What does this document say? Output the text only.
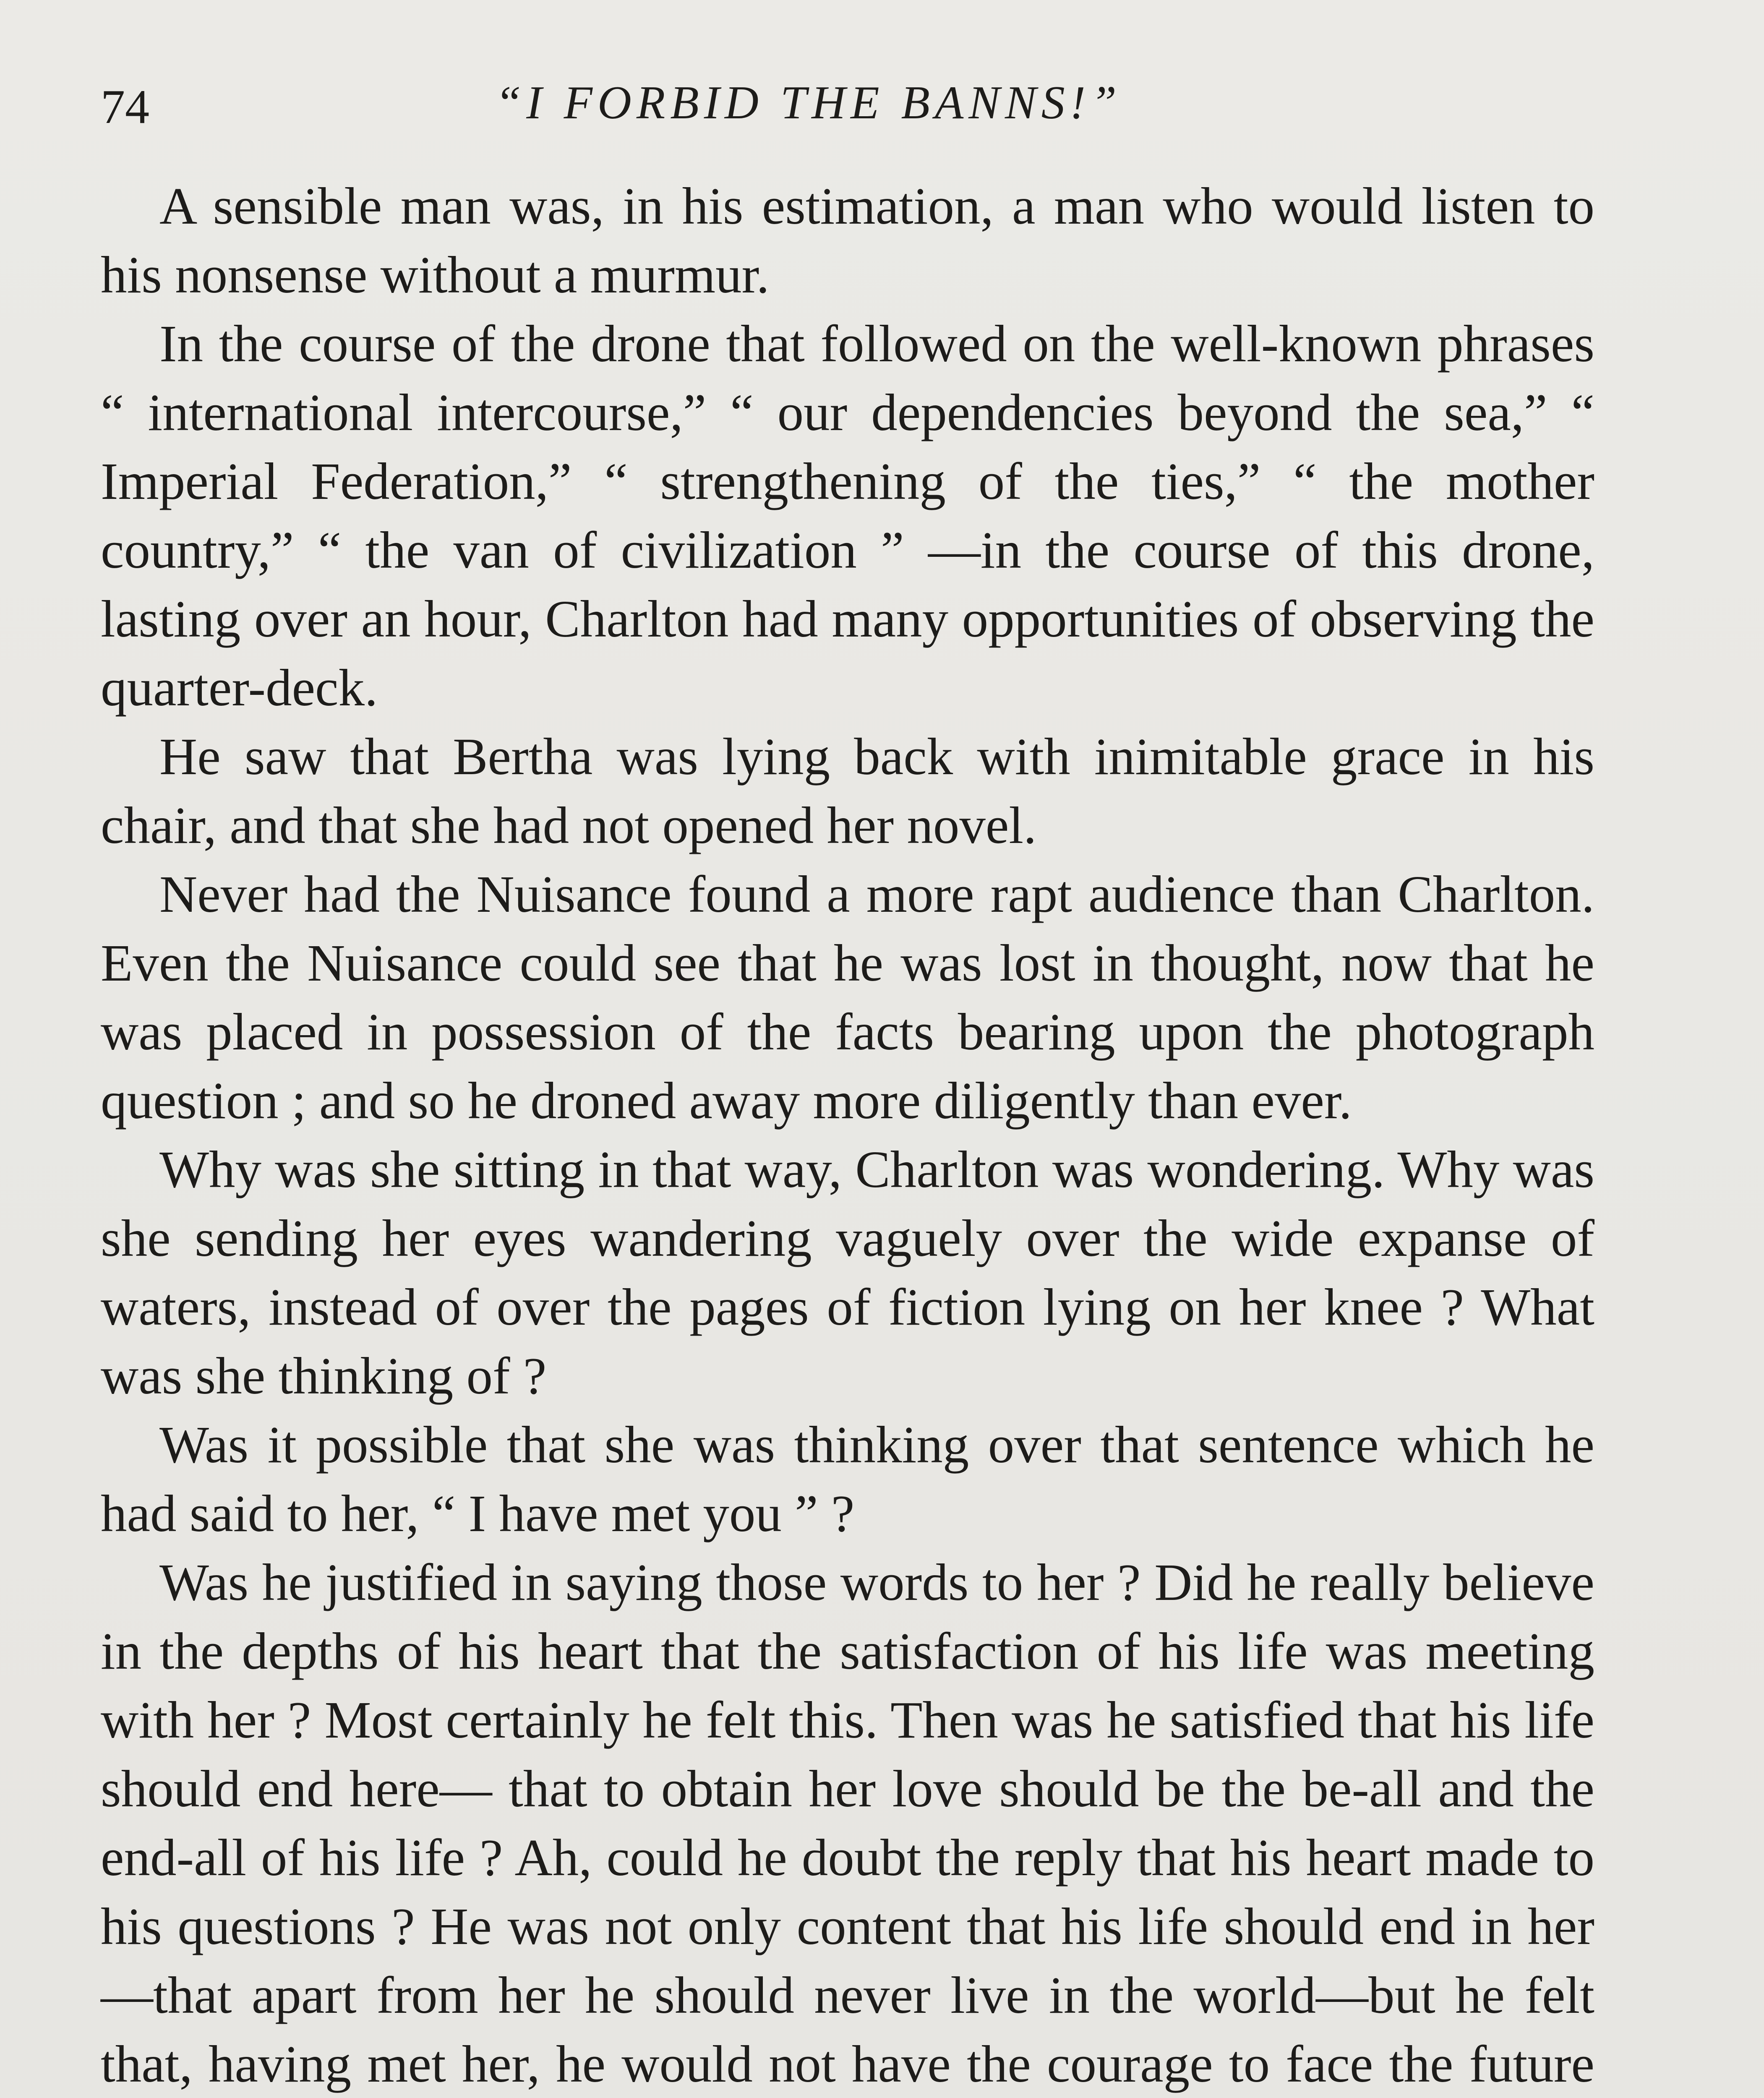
74	“I FORBID THE BANNS!”

A sensible man was, in his estimation, a man who would listen to his nonsense without a murmur.

In the course of the drone that followed on the well-known phrases “ international intercourse,” “ our dependencies beyond the sea,” “ Imperial Federation,” “ strengthening of the ties,” “ the mother country,” “ the van of civilization ” —in the course of this drone, lasting over an hour, Charlton had many opportunities of observing the quarter-deck.

He saw that Bertha was lying back with inimitable grace in his chair, and that she had not opened her novel.

Never had the Nuisance found a more rapt audience than Charlton. Even the Nuisance could see that he was lost in thought, now that he was placed in possession of the facts bearing upon the photograph question ; and so he droned away more diligently than ever.

Why was she sitting in that way, Charlton was wondering. Why was she sending her eyes wandering vaguely over the wide expanse of waters, instead of over the pages of fiction lying on her knee ? What was she thinking of ?

Was it possible that she was thinking over that sentence which he had said to her, “ I have met you ” ?

Was he justified in saying those words to her ? Did he really believe in the depths of his heart that the satisfaction of his life was meeting with her ? Most certainly he felt this. Then was he satisfied that his life should end here— that to obtain her love should be the be-all and the end-all of his life ? Ah, could he doubt the reply that his heart made to his questions ? He was not only content that his life should end in her—that apart from her he should never live in the world—but he felt that, having met her, he would not have the courage to face the future
